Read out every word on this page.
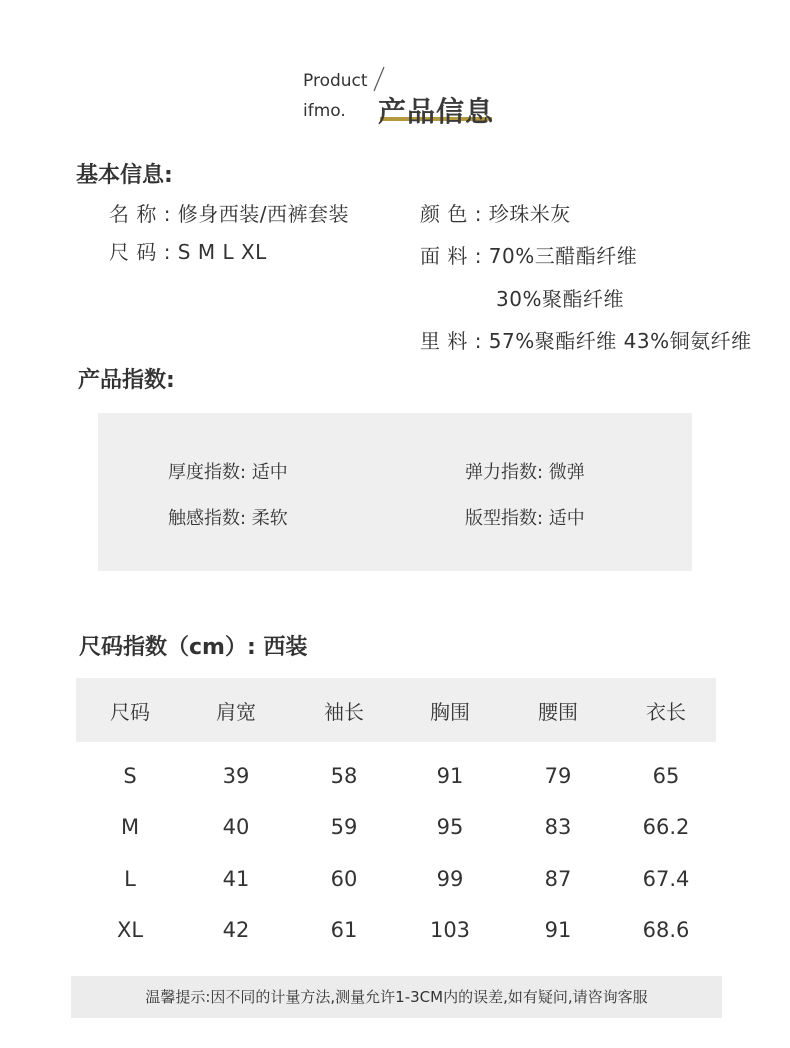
Product
ifmo. 产品信息
基本信息:
名 称 : 修身西装/西裤套装
尺 码 : S M L XL
颜 色 : 珍珠米灰
面 料 : 70%三醋酯纤维
30%聚酯纤维
里 料 : 57%聚酯纤维 43%铜氨纤维
产品指数:
厚度指数: 适中	弹力指数: 微弹
触感指数: 柔软	版型指数: 适中
尺码指数（cm）: 西装
尺码	肩宽	袖长	胸围	腰围	衣长
S	39	58	91	79	65
M	40	59	95	83	66.2
L	41	60	99	87	67.4
XL	42	61	103	91	68.6
温馨提示:因不同的计量方法,测量允许1-3CM内的误差,如有疑问,请咨询客服
